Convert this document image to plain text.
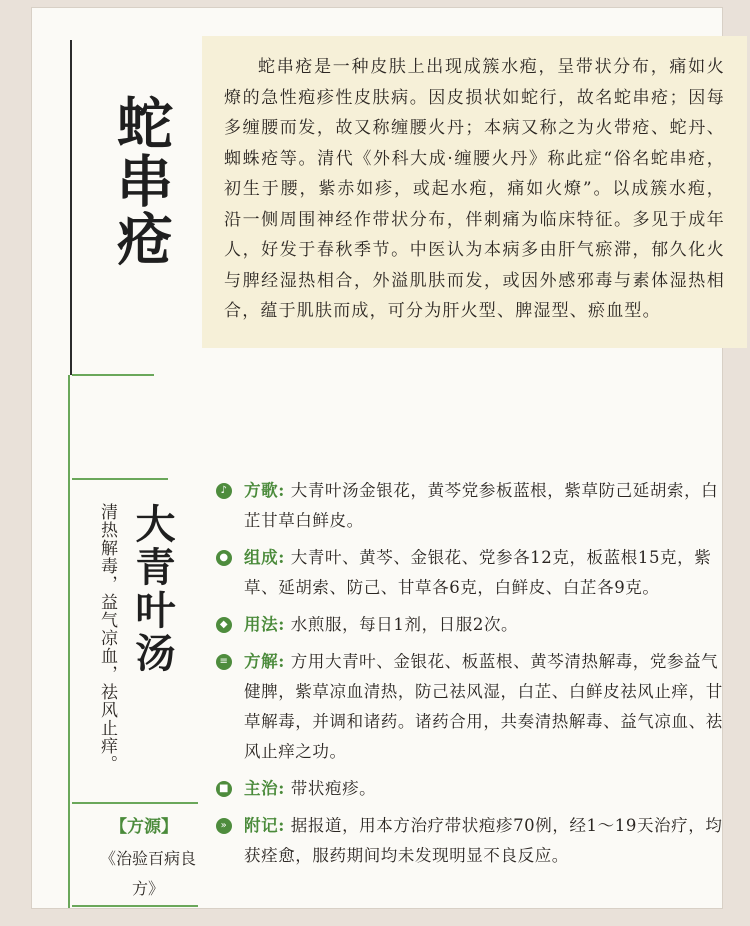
蛇串疮

蛇串疮是一种皮肤上出现成簇水疱，呈带状分布，痛如火燎的急性疱疹性皮肤病。因皮损状如蛇行，故名蛇串疮；因每多缠腰而发，故又称缠腰火丹；本病又称之为火带疮、蛇丹、蜘蛛疮等。清代《外科大成·缠腰火丹》称此症“俗名蛇串疮，初生于腰，紫赤如疹，或起水疱，痛如火燎”。以成簇水疱，沿一侧周围神经作带状分布，伴刺痛为临床特征。多见于成年人，好发于春秋季节。中医认为本病多由肝气瘀滞，郁久化火与脾经湿热相合，外溢肌肤而发，或因外感邪毒与素体湿热相合，蕴于肌肤而成，可分为肝火型、脾湿型、瘀血型。

清热解毒，益气凉血，祛风止痒。 大青叶汤
【方源】
《治验百病良方》
♪ 方歌: 大青叶汤金银花，黄芩党参板蓝根，紫草防己延胡索，白芷甘草白鲜皮。
● 组成: 大青叶、黄芩、金银花、党参各12克，板蓝根15克，紫草、延胡索、防己、甘草各6克，白鲜皮、白芷各9克。
◆ 用法: 水煎服，每日1剂，日服2次。
≡ 方解: 方用大青叶、金银花、板蓝根、黄芩清热解毒，党参益气健脾，紫草凉血清热，防己祛风湿，白芷、白鲜皮祛风止痒，甘草解毒，并调和诸药。诸药合用，共奏清热解毒、益气凉血、祛风止痒之功。
■ 主治: 带状疱疹。
» 附记: 据报道，用本方治疗带状疱疹70例，经1～19天治疗，均获痊愈，服药期间均未发现明显不良反应。
